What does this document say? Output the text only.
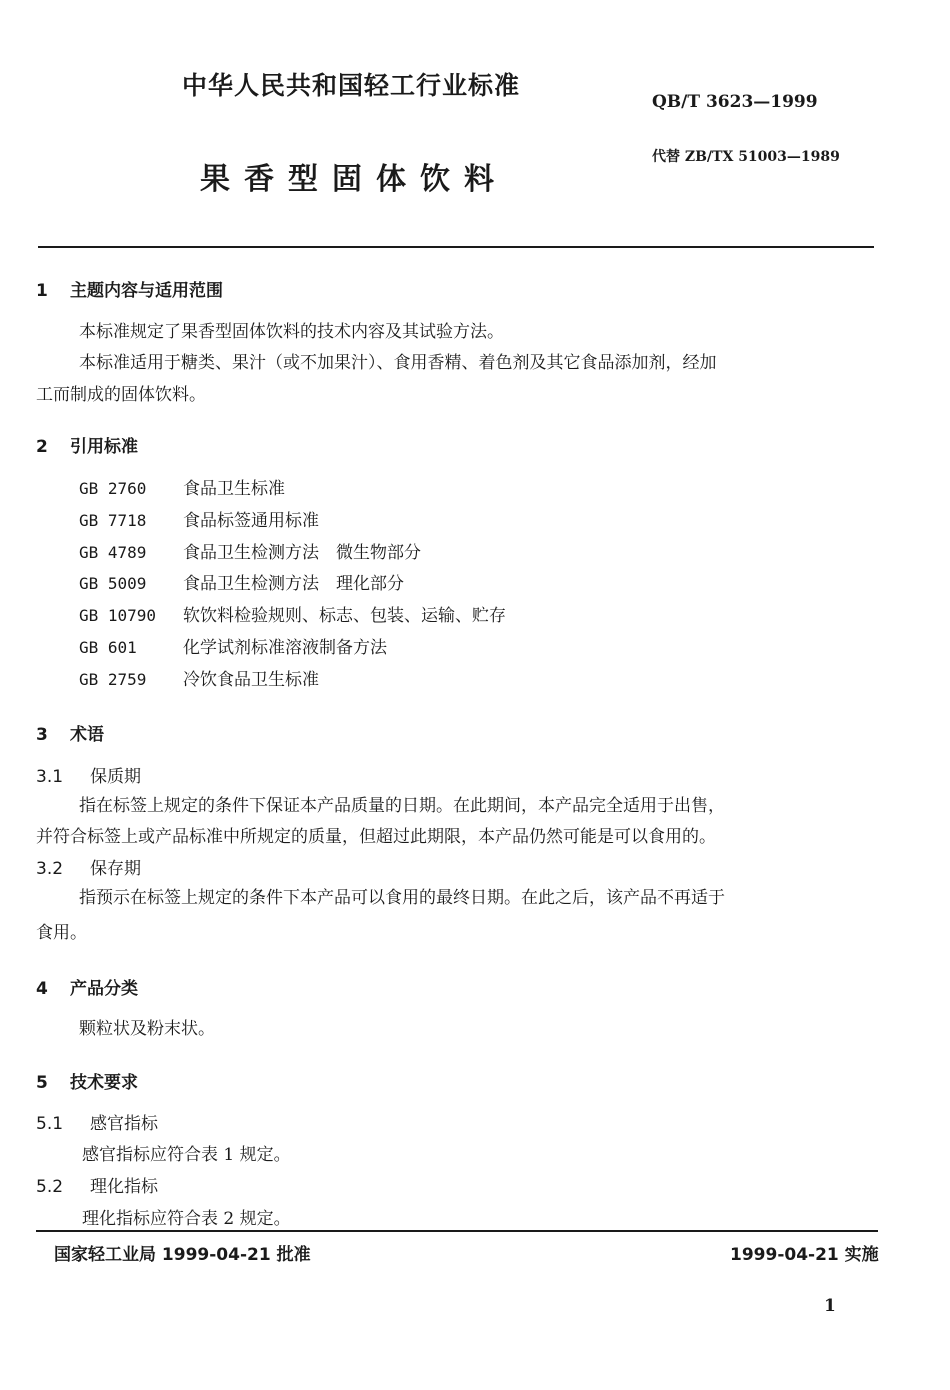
中华人民共和国轻工行业标准
QB/T 3623—1999
代替 ZB/TX 51003—1989
果香型固体饮料
1 主题内容与适用范围
本标准规定了果香型固体饮料的技术内容及其试验方法。
本标准适用于糖类、果汁（或不加果汁）、食用香精、着色剂及其它食品添加剂，经加
工而制成的固体饮料。
2 引用标准
GB 2760 食品卫生标准
GB 7718 食品标签通用标准
GB 4789 食品卫生检测方法　微生物部分
GB 5009 食品卫生检测方法　理化部分
GB 10790 软饮料检验规则、标志、包装、运输、贮存
GB 601	化学试剂标准溶液制备方法
GB 2759 冷饮食品卫生标准
3 术语
3.1 保质期
指在标签上规定的条件下保证本产品质量的日期。在此期间，本产品完全适用于出售，
并符合标签上或产品标准中所规定的质量，但超过此期限，本产品仍然可能是可以食用的。
3.2 保存期
指预示在标签上规定的条件下本产品可以食用的最终日期。在此之后，该产品不再适于
食用。
4 产品分类
颗粒状及粉末状。
5 技术要求
5.1 感官指标
感官指标应符合表 1 规定。
5.2 理化指标
理化指标应符合表 2 规定。
国家轻工业局 1999-04-21 批准	1999-04-21 实施
1
